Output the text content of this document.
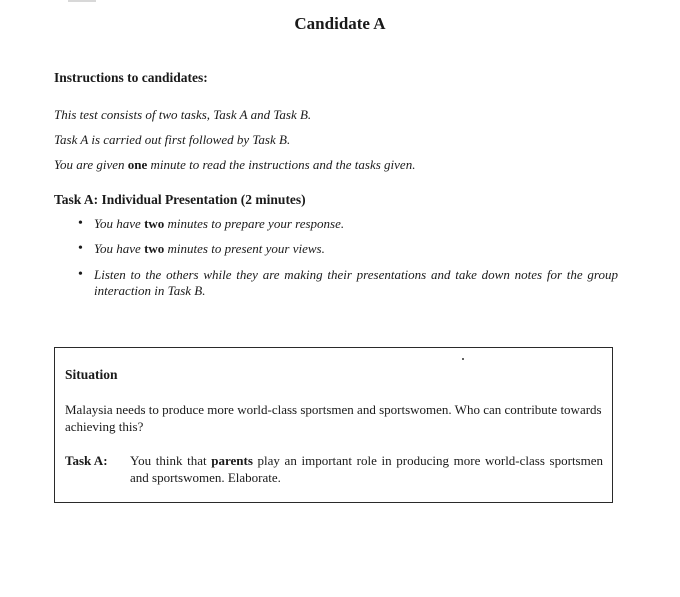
Candidate A
Instructions to candidates:
This test consists of two tasks, Task A and Task B.
Task A is carried out first followed by Task B.
You are given one minute to read the instructions and the tasks given.
Task A: Individual Presentation (2 minutes)
• You have two minutes to prepare your response.
• You have two minutes to present your views.
• Listen to the others while they are making their presentations and take down notes for the group interaction in Task B.
Situation
Malaysia needs to produce more world-class sportsmen and sportswomen. Who can contribute towards achieving this?
Task A:	You think that parents play an important role in producing more world-class sportsmen and sportswomen. Elaborate.
